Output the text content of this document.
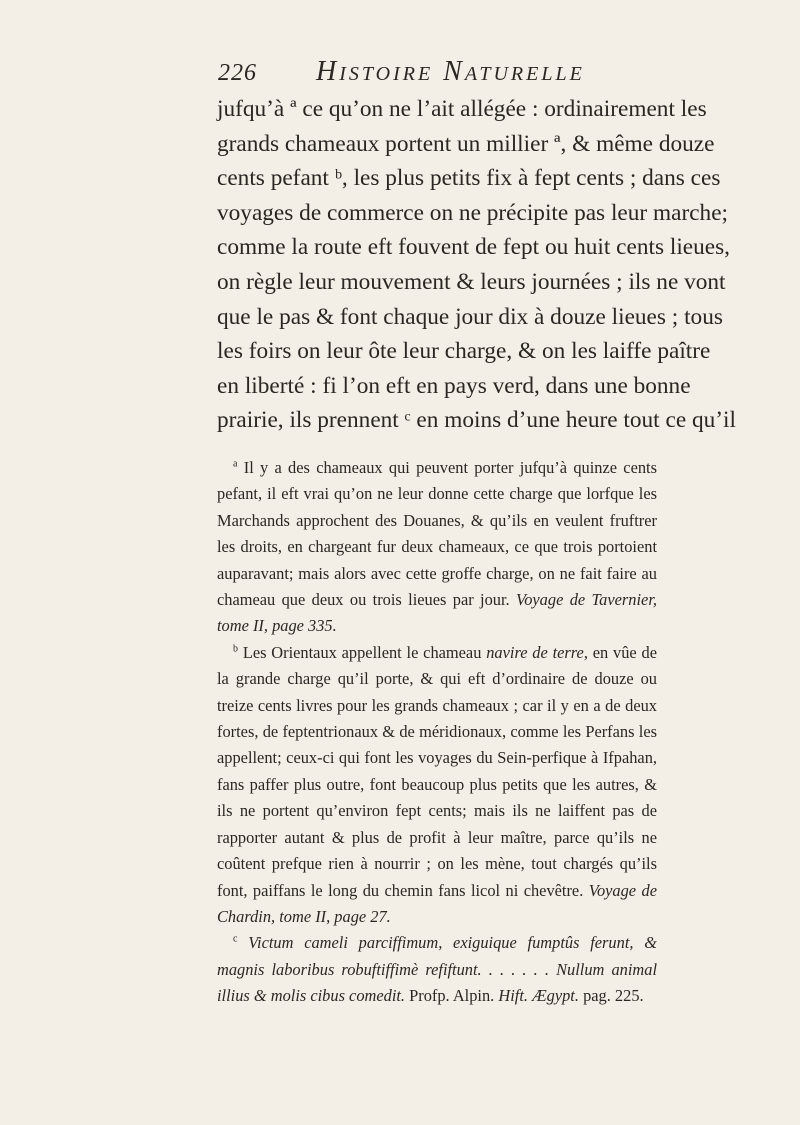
226 Histoire Naturelle
jufqu’à ª ce qu’on ne l’ait allégée : ordinairement les
grands chameaux portent un millier ª, & même douze
cents pefant ᵇ, les plus petits fix à fept cents ; dans ces
voyages de commerce on ne précipite pas leur marche;
comme la route eft fouvent de fept ou huit cents lieues,
on règle leur mouvement & leurs journées ; ils ne vont
que le pas & font chaque jour dix à douze lieues ; tous
les foirs on leur ôte leur charge, & on les laiffe paître
en liberté : fi l’on eft en pays verd, dans une bonne
prairie, ils prennent ᶜ en moins d’une heure tout ce qu’il

$^a$ Il y a des chameaux qui peuvent porter jufqu’à quinze cents pefant, il eft vrai qu’on ne leur donne cette charge que lorfque les Marchands approchent des Douanes, & qu’ils en veulent fruftrer les droits, en chargeant fur deux chameaux, ce que trois portoient auparavant; mais alors avec cette groffe charge, on ne fait faire au chameau que deux ou trois lieues par jour. Voyage de Tavernier, tome II, page 335.

$^b$ Les Orientaux appellent le chameau navire de terre, en vûe de la grande charge qu’il porte, & qui eft d’ordinaire de douze ou treize cents livres pour les grands chameaux ; car il y en a de deux fortes, de feptentrionaux & de méridionaux, comme les Perfans les appellent; ceux-ci qui font les voyages du Sein-perfique à Ifpahan, fans paffer plus outre, font beaucoup plus petits que les autres, & ils ne portent qu’environ fept cents; mais ils ne laiffent pas de rapporter autant & plus de profit à leur maître, parce qu’ils ne coûtent prefque rien à nourrir ; on les mène, tout chargés qu’ils font, paiffans le long du chemin fans licol ni chevêtre. Voyage de Chardin, tome II, page 27.

$^c$ Victum cameli parciffimum, exiguique fumptûs ferunt, & magnis laboribus robuftiffimè refiftunt. . . . . . . Nullum animal illius & molis cibus comedit. Profp. Alpin. Hift. Ægypt. pag. 225.
